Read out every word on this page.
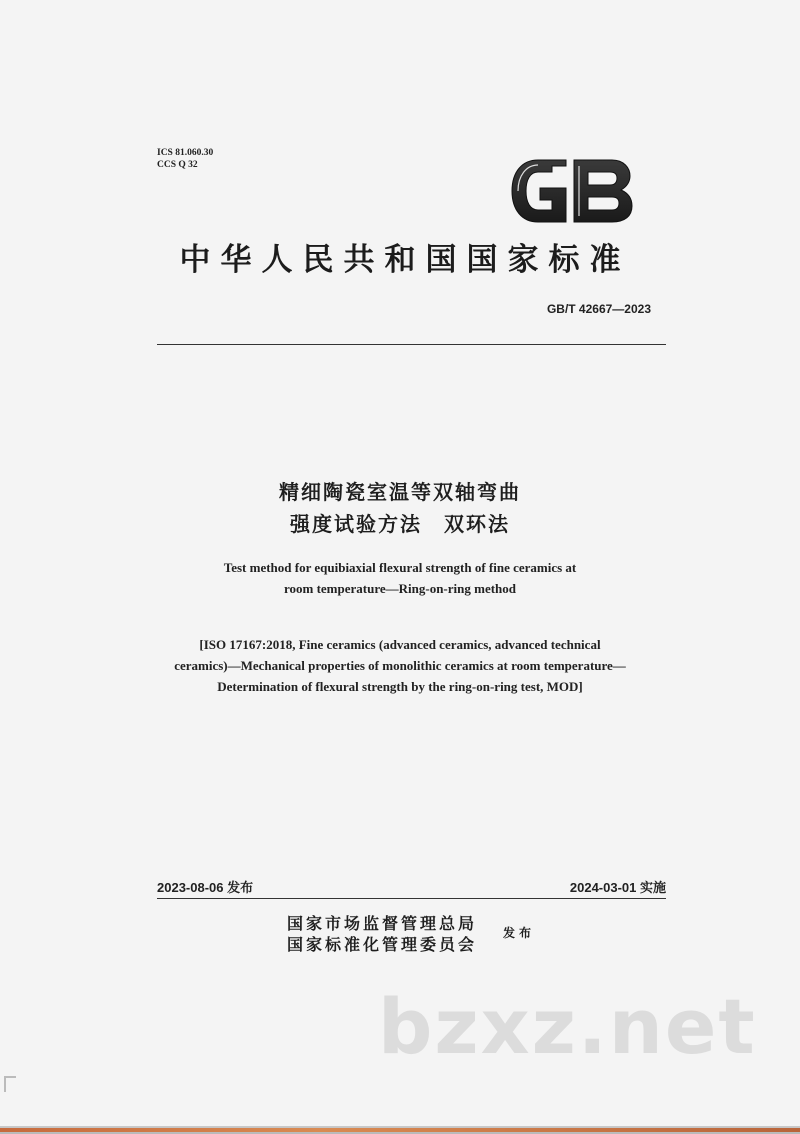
ICS 81.060.30
CCS Q 32
中华人民共和国国家标准
GB/T 42667—2023
精细陶瓷室温等双轴弯曲
强度试验方法　双环法
Test method for equibiaxial flexural strength of fine ceramics at
room temperature—Ring-on-ring method
[ISO 17167:2018, Fine ceramics (advanced ceramics, advanced technical
ceramics)—Mechanical properties of monolithic ceramics at room temperature—
Determination of flexural strength by the ring-on-ring test, MOD]
2023-08-06 发布	2024-03-01 实施
国家市场监督管理总局
国家标准化管理委员会
发布
bzxz.net
